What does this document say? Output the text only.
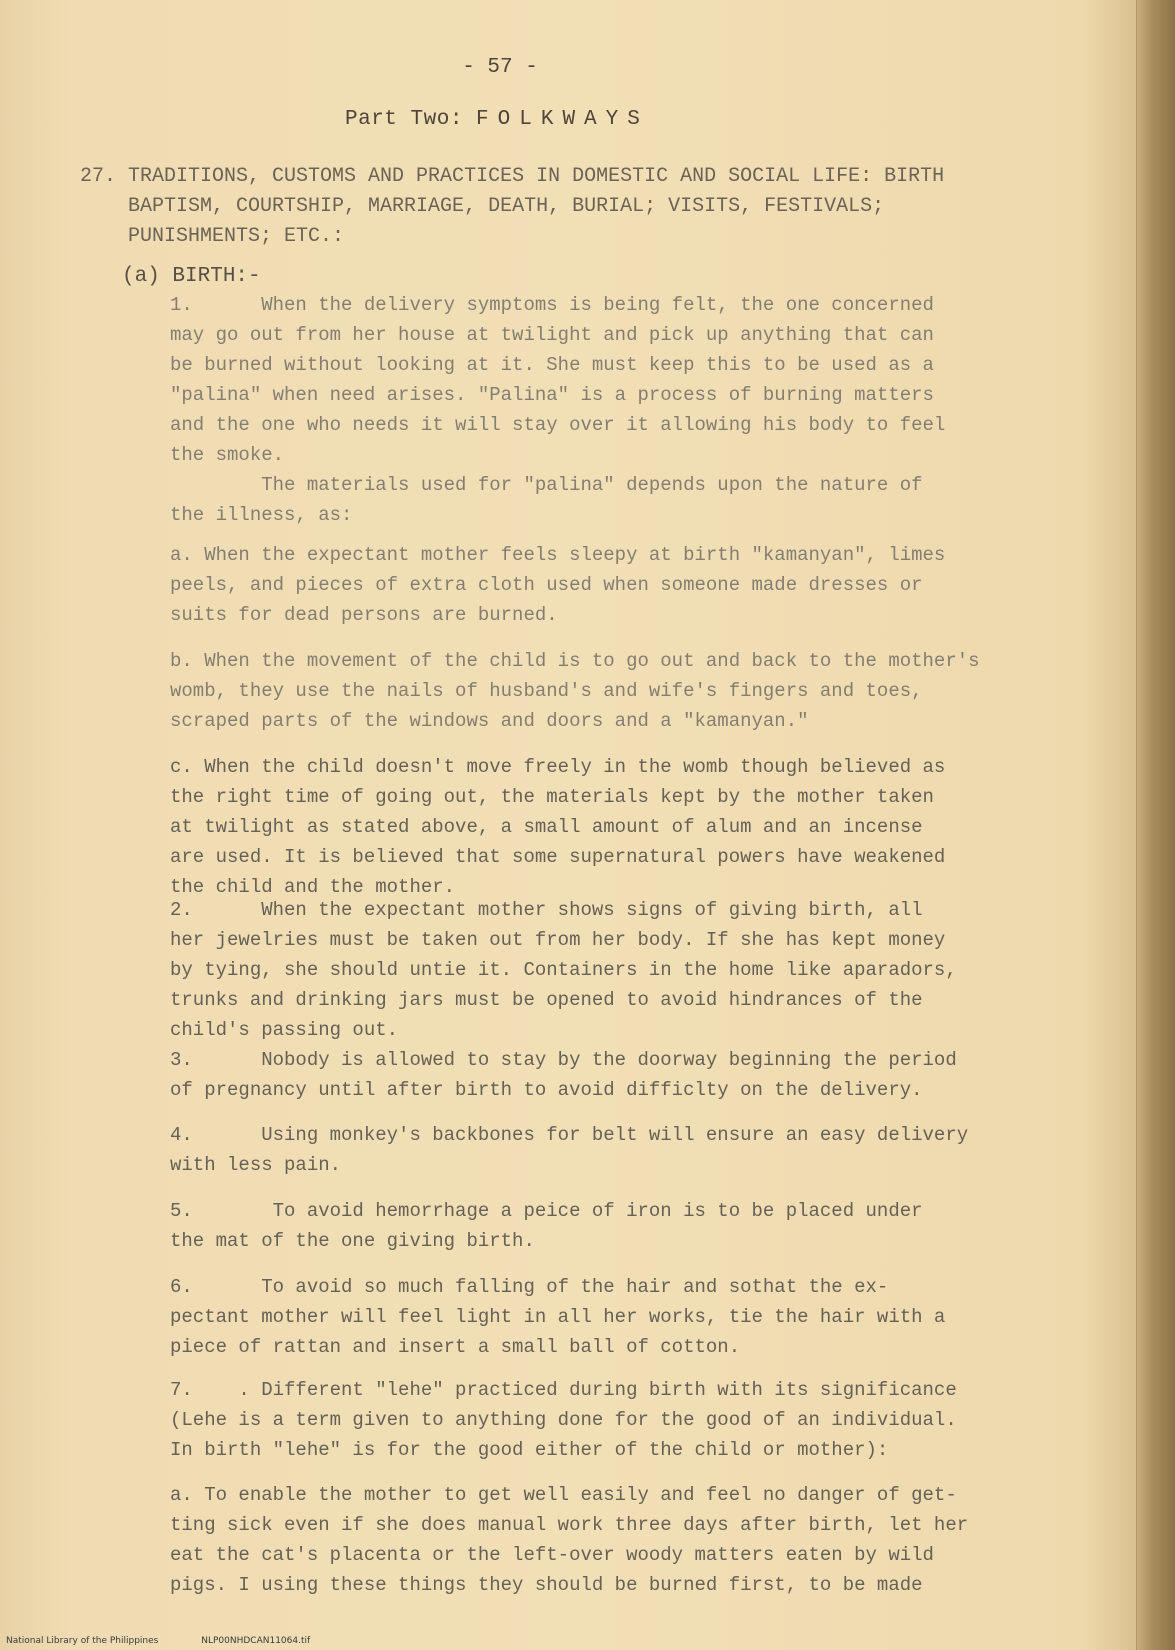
- 57 -
Part Two: FOLKWAYS
27. TRADITIONS, CUSTOMS AND PRACTICES IN DOMESTIC AND SOCIAL LIFE: BIRTH
BAPTISM, COURTSHIP, MARRIAGE, DEATH, BURIAL; VISITS, FESTIVALS;
PUNISHMENTS; ETC.:
(a) BIRTH:-
1.      When the delivery symptoms is being felt, the one concerned
may go out from her house at twilight and pick up anything that can
be burned without looking at it. She must keep this to be used as a
"palina" when need arises. "Palina" is a process of burning matters
and the one who needs it will stay over it allowing his body to feel
the smoke.
The materials used for "palina" depends upon the nature of
the illness, as:
a. When the expectant mother feels sleepy at birth "kamanyan", limes
peels, and pieces of extra cloth used when someone made dresses or
suits for dead persons are burned.
b. When the movement of the child is to go out and back to the mother's
womb, they use the nails of husband's and wife's fingers and toes,
scraped parts of the windows and doors and a "kamanyan."
c. When the child doesn't move freely in the womb though believed as
the right time of going out, the materials kept by the mother taken
at twilight as stated above, a small amount of alum and an incense
are used. It is believed that some supernatural powers have weakened
the child and the mother.
2.      When the expectant mother shows signs of giving birth, all
her jewelries must be taken out from her body. If she has kept money
by tying, she should untie it. Containers in the home like aparadors,
trunks and drinking jars must be opened to avoid hindrances of the
child's passing out.
3.      Nobody is allowed to stay by the doorway beginning the period
of pregnancy until after birth to avoid difficlty on the delivery.
4.      Using monkey's backbones for belt will ensure an easy delivery
with less pain.
5.       To avoid hemorrhage a peice of iron is to be placed under
the mat of the one giving birth.
6.      To avoid so much falling of the hair and sothat the ex-
pectant mother will feel light in all her works, tie the hair with a
piece of rattan and insert a small ball of cotton.
7.    . Different "lehe" practiced during birth with its significance
(Lehe is a term given to anything done for the good of an individual.
In birth "lehe" is for the good either of the child or mother):
a. To enable the mother to get well easily and feel no danger of get-
ting sick even if she does manual work three days after birth, let her
eat the cat's placenta or the left-over woody matters eaten by wild
pigs. I using these things they should be burned first, to be made
National Library of the Philippines	NLP00NHDCAN11064.tif
